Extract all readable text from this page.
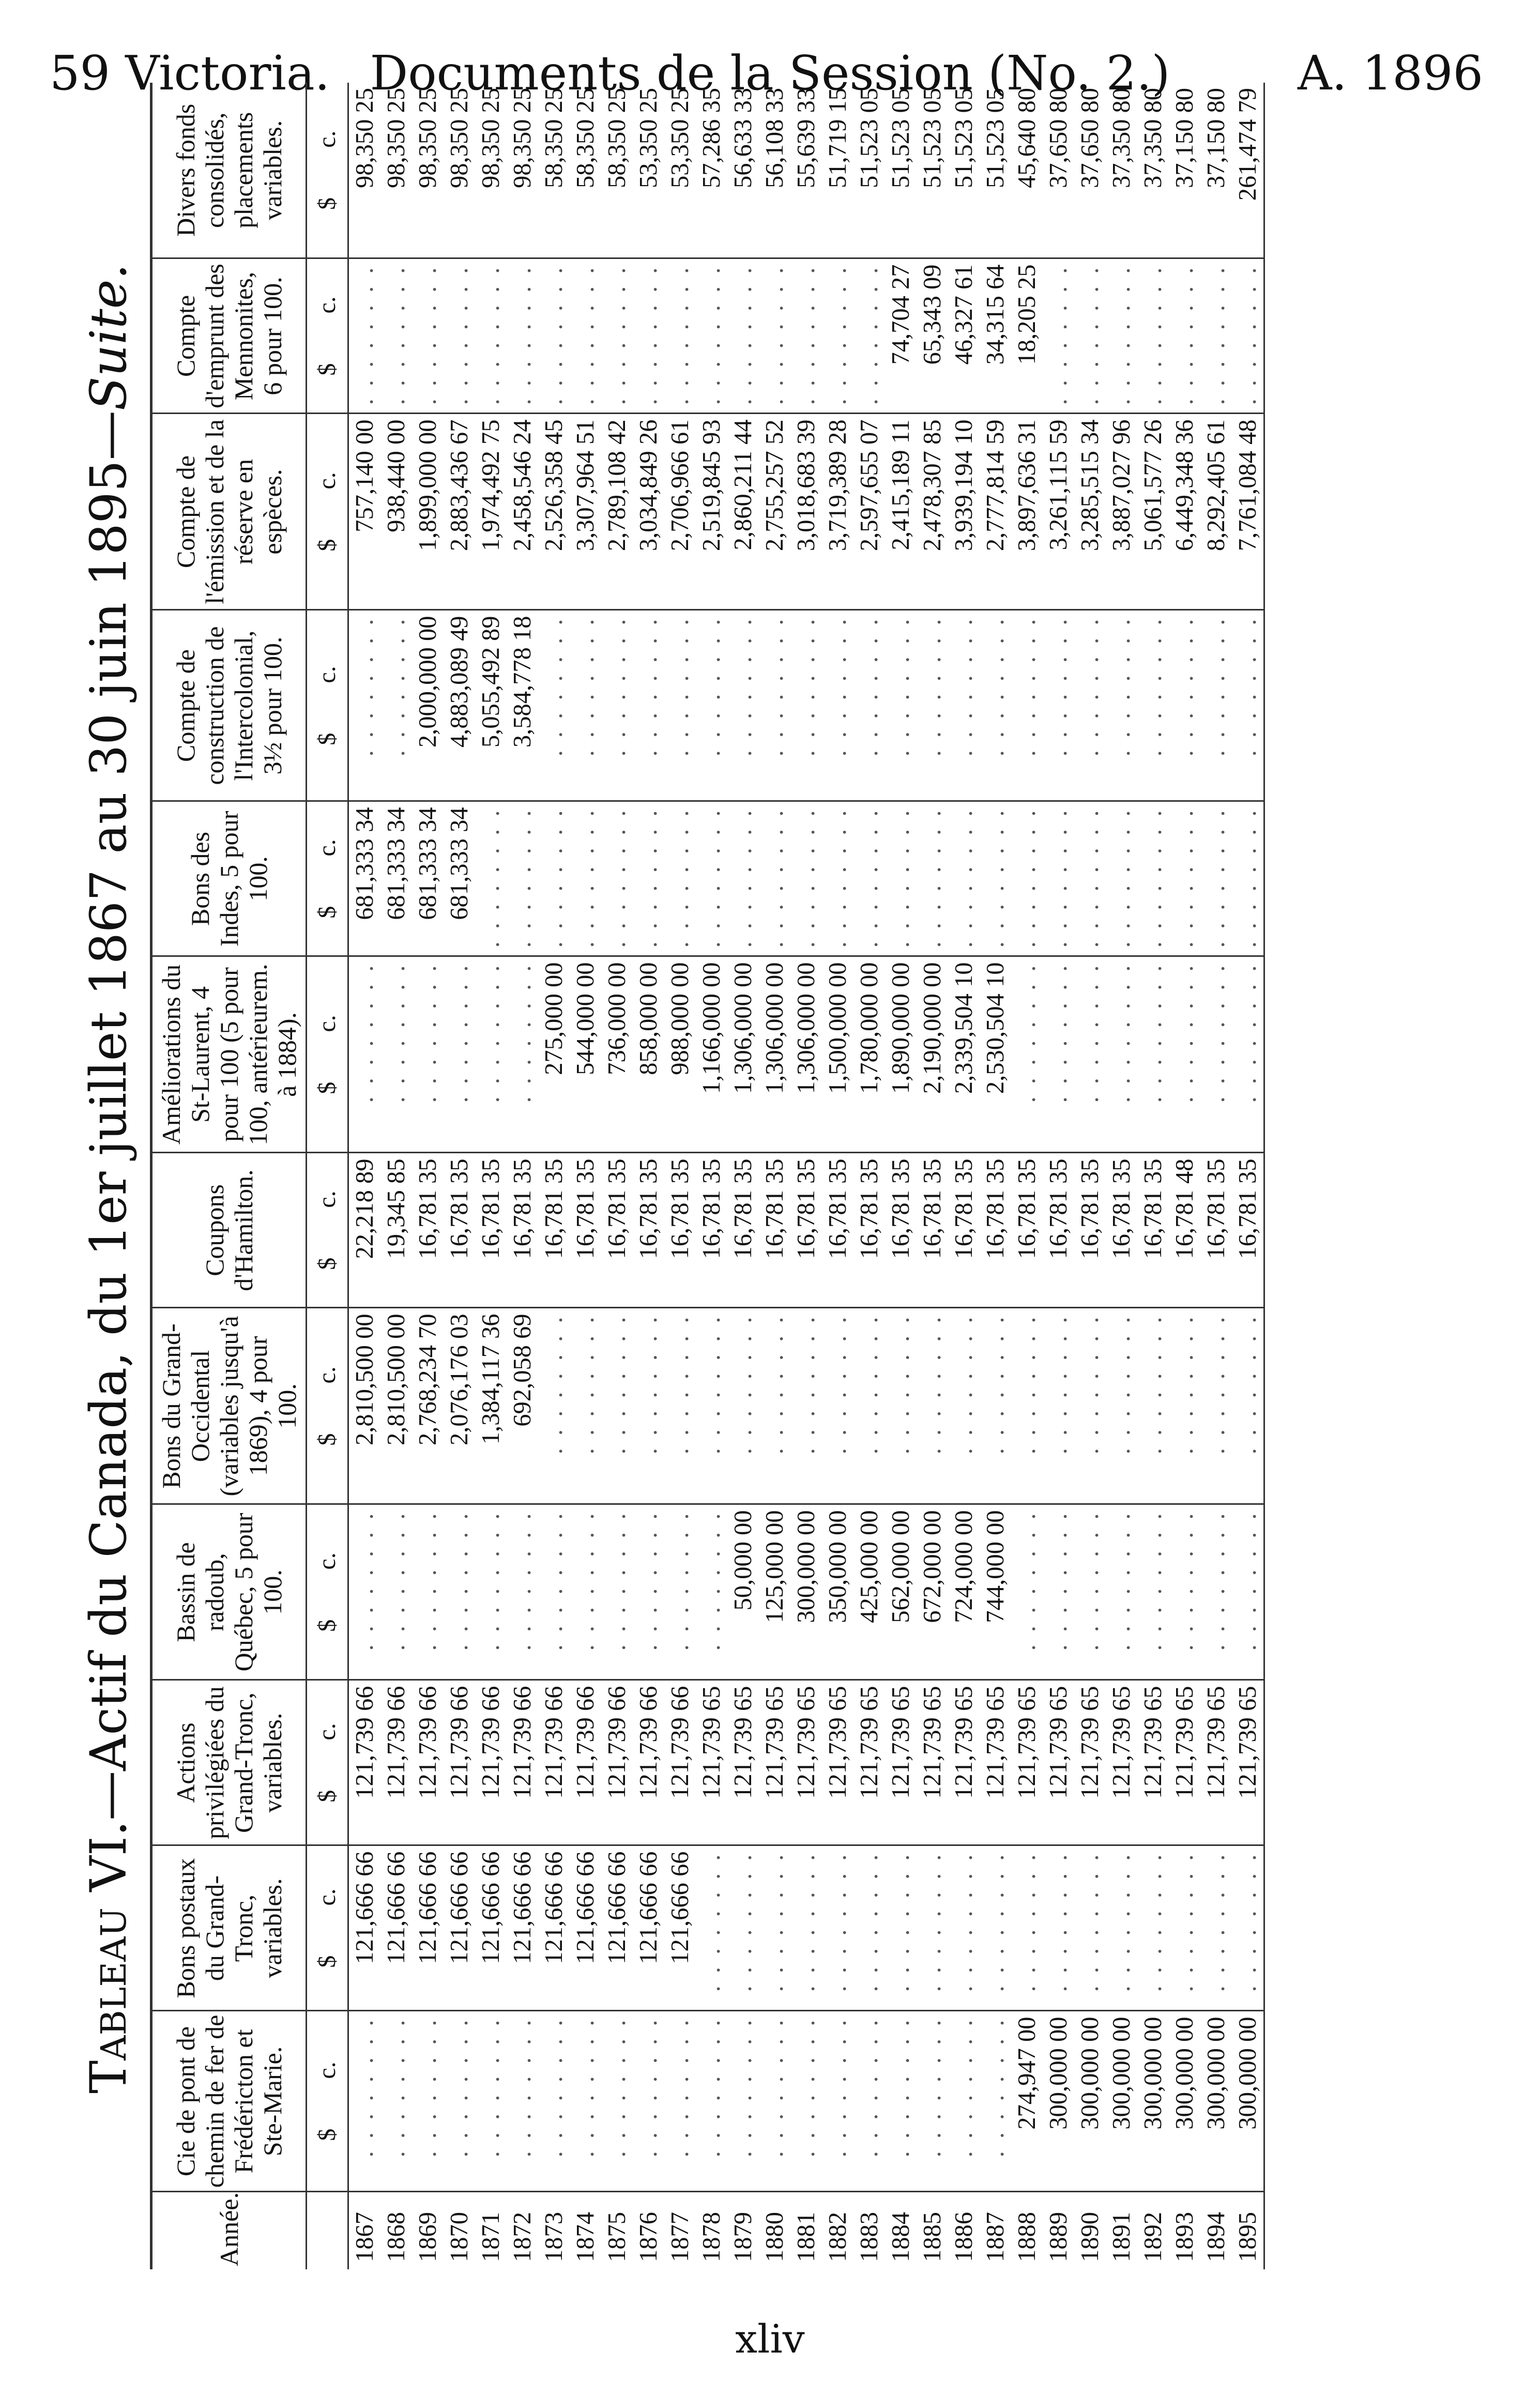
59 Victoria. Documents de la Session (No. 2.)	A. 1896
Tableau VI.—Actif du Canada, du 1er juillet 1867 au 30 juin 1895—Suite.
Année.	Cie de pont de chemin de fer de Frédéricton et Ste-Marie.	Bons postaux du Grand-Tronc, variables.	Actions privilégiées du Grand-Tronc, variables.	Bassin de radoub, Québec, 5 pour 100.	Bons du Grand-Occidental (variables jusqu'à 1869), 4 pour 100.	Coupons d'Hamilton.	Améliorations du St-Laurent, 4 pour 100 (5 pour 100, antérieurem. à 1884).	Bons des Indes, 5 pour 100.	Compte de construction de l'Intercolonial, 3½ pour 100.	Compte de l'émission et de la réserve en espèces.	Compte d'emprunt des Mennonites, 6 pour 100.	Divers fonds consolidés, placements variables.
	$  c.	$  c.	$  c.	$  c.	$  c.	$  c.	$  c.	$  c.	$  c.	$  c.	$  c.	$  c.
1867	. . . . . . . .	121,666 66	121,739 66	. . . . . . . .	2,810,500 00	22,218 89	. . . . . . . .	681,333 34	. . . . . . . .	757,140 00	. . . . . . . .	98,350 25
1868	. . . . . . . .	121,666 66	121,739 66	. . . . . . . .	2,810,500 00	19,345 85	. . . . . . . .	681,333 34	. . . . . . . .	938,440 00	. . . . . . . .	98,350 25
1869	. . . . . . . .	121,666 66	121,739 66	. . . . . . . .	2,768,234 70	16,781 35	. . . . . . . .	681,333 34	2,000,000 00	1,899,000 00	. . . . . . . .	98,350 25
1870	. . . . . . . .	121,666 66	121,739 66	. . . . . . . .	2,076,176 03	16,781 35	. . . . . . . .	681,333 34	4,883,089 49	2,883,436 67	. . . . . . . .	98,350 25
1871	. . . . . . . .	121,666 66	121,739 66	. . . . . . . .	1,384,117 36	16,781 35	. . . . . . . .	. . . . . . . .	5,055,492 89	1,974,492 75	. . . . . . . .	98,350 25
1872	. . . . . . . .	121,666 66	121,739 66	. . . . . . . .	692,058 69	16,781 35	. . . . . . . .	. . . . . . . .	3,584,778 18	2,458,546 24	. . . . . . . .	98,350 25
1873	. . . . . . . .	121,666 66	121,739 66	. . . . . . . .	. . . . . . . .	16,781 35	275,000 00	. . . . . . . .	. . . . . . . .	2,526,358 45	. . . . . . . .	58,350 25
1874	. . . . . . . .	121,666 66	121,739 66	. . . . . . . .	. . . . . . . .	16,781 35	544,000 00	. . . . . . . .	. . . . . . . .	3,307,964 51	. . . . . . . .	58,350 25
1875	. . . . . . . .	121,666 66	121,739 66	. . . . . . . .	. . . . . . . .	16,781 35	736,000 00	. . . . . . . .	. . . . . . . .	2,789,108 42	. . . . . . . .	58,350 25
1876	. . . . . . . .	121,666 66	121,739 66	. . . . . . . .	. . . . . . . .	16,781 35	858,000 00	. . . . . . . .	. . . . . . . .	3,034,849 26	. . . . . . . .	53,350 25
1877	. . . . . . . .	121,666 66	121,739 66	. . . . . . . .	. . . . . . . .	16,781 35	988,000 00	. . . . . . . .	. . . . . . . .	2,706,966 61	. . . . . . . .	53,350 25
1878	. . . . . . . .	. . . . . . . .	121,739 65	. . . . . . . .	. . . . . . . .	16,781 35	1,166,000 00	. . . . . . . .	. . . . . . . .	2,519,845 93	. . . . . . . .	57,286 35
1879	. . . . . . . .	. . . . . . . .	121,739 65	50,000 00	. . . . . . . .	16,781 35	1,306,000 00	. . . . . . . .	. . . . . . . .	2,860,211 44	. . . . . . . .	56,633 33
1880	. . . . . . . .	. . . . . . . .	121,739 65	125,000 00	. . . . . . . .	16,781 35	1,306,000 00	. . . . . . . .	. . . . . . . .	2,755,257 52	. . . . . . . .	56,108 33
1881	. . . . . . . .	. . . . . . . .	121,739 65	300,000 00	. . . . . . . .	16,781 35	1,306,000 00	. . . . . . . .	. . . . . . . .	3,018,683 39	. . . . . . . .	55,639 33
1882	. . . . . . . .	. . . . . . . .	121,739 65	350,000 00	. . . . . . . .	16,781 35	1,500,000 00	. . . . . . . .	. . . . . . . .	3,719,389 28	. . . . . . . .	51,719 15
1883	. . . . . . . .	. . . . . . . .	121,739 65	425,000 00	. . . . . . . .	16,781 35	1,780,000 00	. . . . . . . .	. . . . . . . .	2,597,655 07	. . . . . . . .	51,523 05
1884	. . . . . . . .	. . . . . . . .	121,739 65	562,000 00	. . . . . . . .	16,781 35	1,890,000 00	. . . . . . . .	. . . . . . . .	2,415,189 11	74,704 27	51,523 05
1885	. . . . . . . .	. . . . . . . .	121,739 65	672,000 00	. . . . . . . .	16,781 35	2,190,000 00	. . . . . . . .	. . . . . . . .	2,478,307 85	65,343 09	51,523 05
1886	. . . . . . . .	. . . . . . . .	121,739 65	724,000 00	. . . . . . . .	16,781 35	2,339,504 10	. . . . . . . .	. . . . . . . .	3,939,194 10	46,327 61	51,523 05
1887	. . . . . . . .	. . . . . . . .	121,739 65	744,000 00	. . . . . . . .	16,781 35	2,530,504 10	. . . . . . . .	. . . . . . . .	2,777,814 59	34,315 64	51,523 05
1888	274,947 00	. . . . . . . .	121,739 65	. . . . . . . .	. . . . . . . .	16,781 35	. . . . . . . .	. . . . . . . .	. . . . . . . .	3,897,636 31	18,205 25	45,640 80
1889	300,000 00	. . . . . . . .	121,739 65	. . . . . . . .	. . . . . . . .	16,781 35	. . . . . . . .	. . . . . . . .	. . . . . . . .	3,261,115 59	. . . . . . . .	37,650 80
1890	300,000 00	. . . . . . . .	121,739 65	. . . . . . . .	. . . . . . . .	16,781 35	. . . . . . . .	. . . . . . . .	. . . . . . . .	3,285,515 34	. . . . . . . .	37,650 80
1891	300,000 00	. . . . . . . .	121,739 65	. . . . . . . .	. . . . . . . .	16,781 35	. . . . . . . .	. . . . . . . .	. . . . . . . .	3,887,027 96	. . . . . . . .	37,350 80
1892	300,000 00	. . . . . . . .	121,739 65	. . . . . . . .	. . . . . . . .	16,781 35	. . . . . . . .	. . . . . . . .	. . . . . . . .	5,061,577 26	. . . . . . . .	37,350 80
1893	300,000 00	. . . . . . . .	121,739 65	. . . . . . . .	. . . . . . . .	16,781 48	. . . . . . . .	. . . . . . . .	. . . . . . . .	6,449,348 36	. . . . . . . .	37,150 80
1894	300,000 00	. . . . . . . .	121,739 65	. . . . . . . .	. . . . . . . .	16,781 35	. . . . . . . .	. . . . . . . .	. . . . . . . .	8,292,405 61	. . . . . . . .	37,150 80
1895	300,000 00	. . . . . . . .	121,739 65	. . . . . . . .	. . . . . . . .	16,781 35	. . . . . . . .	. . . . . . . .	. . . . . . . .	7,761,084 48	. . . . . . . .	261,474 79
xliv
